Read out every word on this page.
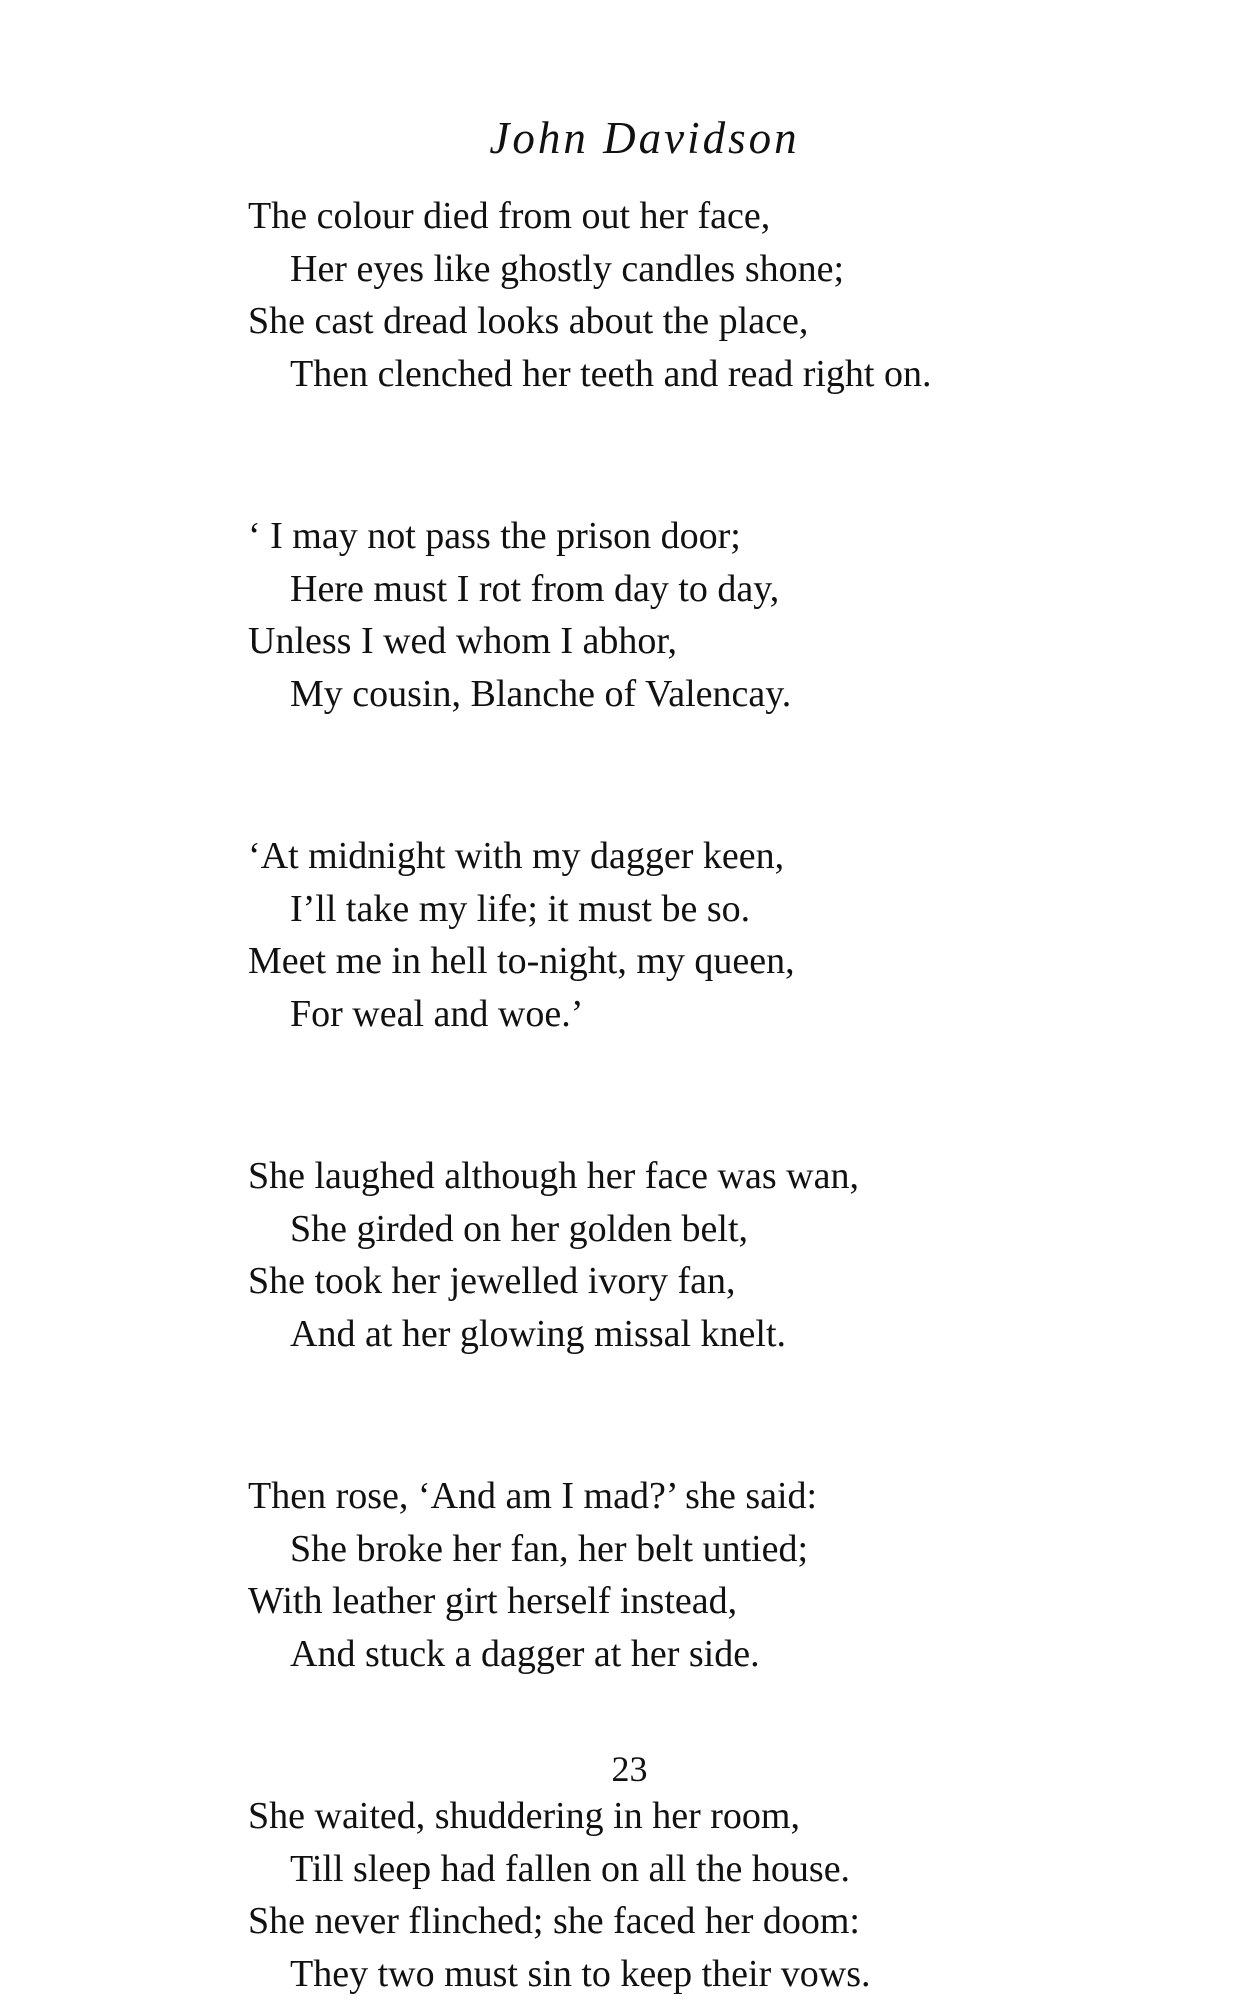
John Davidson
The colour died from out her face,
Her eyes like ghostly candles shone;
She cast dread looks about the place,
Then clenched her teeth and read right on.
‘ I may not pass the prison door;
Here must I rot from day to day,
Unless I wed whom I abhor,
My cousin, Blanche of Valencay.
‘At midnight with my dagger keen,
I’ll take my life; it must be so.
Meet me in hell to-night, my queen,
For weal and woe.’
She laughed although her face was wan,
She girded on her golden belt,
She took her jewelled ivory fan,
And at her glowing missal knelt.
Then rose, ‘And am I mad?’ she said:
She broke her fan, her belt untied;
With leather girt herself instead,
And stuck a dagger at her side.
She waited, shuddering in her room,
Till sleep had fallen on all the house.
She never flinched; she faced her doom:
They two must sin to keep their vows.
23
